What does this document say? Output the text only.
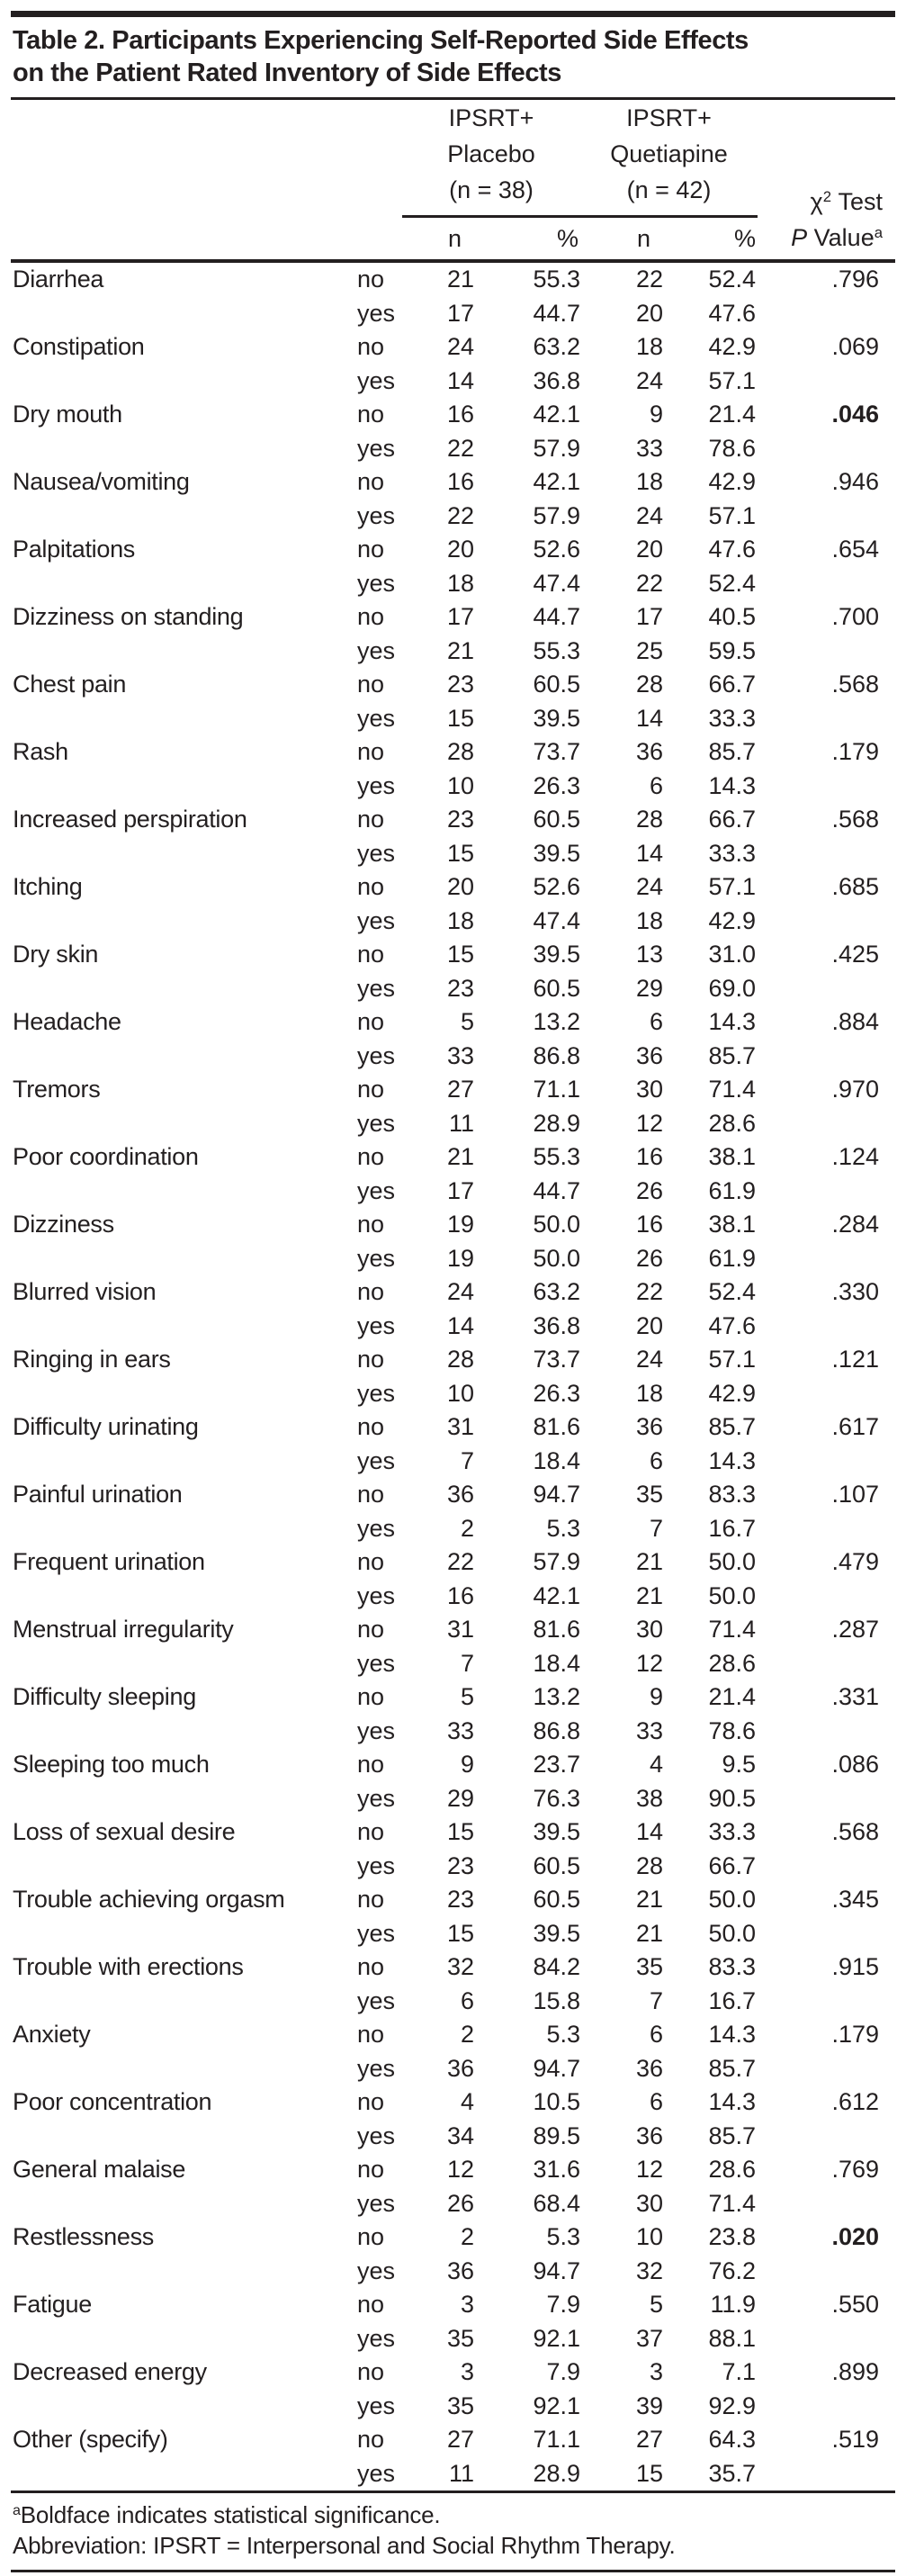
Table 2. Participants Experiencing Self-Reported Side Effects
on the Patient Rated Inventory of Side Effects

IPSRT+
Placebo
(n = 38)

IPSRT+
Quetiapine
(n = 42)	$\chi^2$ Test
P Value$^a$

		n	%	n	%	
Diarrhea	no	21	55.3	22	52.4	.796
	yes	17	44.7	20	47.6	
Constipation	no	24	63.2	18	42.9	.069
	yes	14	36.8	24	57.1	
Dry mouth	no	16	42.1	9	21.4	.046
	yes	22	57.9	33	78.6	
Nausea/vomiting	no	16	42.1	18	42.9	.946
	yes	22	57.9	24	57.1	
Palpitations	no	20	52.6	20	47.6	.654
	yes	18	47.4	22	52.4	
Dizziness on standing	no	17	44.7	17	40.5	.700
	yes	21	55.3	25	59.5	
Chest pain	no	23	60.5	28	66.7	.568
	yes	15	39.5	14	33.3	
Rash	no	28	73.7	36	85.7	.179
	yes	10	26.3	6	14.3	
Increased perspiration	no	23	60.5	28	66.7	.568
	yes	15	39.5	14	33.3	
Itching	no	20	52.6	24	57.1	.685
	yes	18	47.4	18	42.9	
Dry skin	no	15	39.5	13	31.0	.425
	yes	23	60.5	29	69.0	
Headache	no	5	13.2	6	14.3	.884
	yes	33	86.8	36	85.7	
Tremors	no	27	71.1	30	71.4	.970
	yes	11	28.9	12	28.6	
Poor coordination	no	21	55.3	16	38.1	.124
	yes	17	44.7	26	61.9	
Dizziness	no	19	50.0	16	38.1	.284
	yes	19	50.0	26	61.9	
Blurred vision	no	24	63.2	22	52.4	.330
	yes	14	36.8	20	47.6	
Ringing in ears	no	28	73.7	24	57.1	.121
	yes	10	26.3	18	42.9	
Difficulty urinating	no	31	81.6	36	85.7	.617
	yes	7	18.4	6	14.3	
Painful urination	no	36	94.7	35	83.3	.107
	yes	2	5.3	7	16.7	
Frequent urination	no	22	57.9	21	50.0	.479
	yes	16	42.1	21	50.0	
Menstrual irregularity	no	31	81.6	30	71.4	.287
	yes	7	18.4	12	28.6	
Difficulty sleeping	no	5	13.2	9	21.4	.331
	yes	33	86.8	33	78.6	
Sleeping too much	no	9	23.7	4	9.5	.086
	yes	29	76.3	38	90.5	
Loss of sexual desire	no	15	39.5	14	33.3	.568
	yes	23	60.5	28	66.7	
Trouble achieving orgasm	no	23	60.5	21	50.0	.345
	yes	15	39.5	21	50.0	
Trouble with erections	no	32	84.2	35	83.3	.915
	yes	6	15.8	7	16.7	
Anxiety	no	2	5.3	6	14.3	.179
	yes	36	94.7	36	85.7	
Poor concentration	no	4	10.5	6	14.3	.612
	yes	34	89.5	36	85.7	
General malaise	no	12	31.6	12	28.6	.769
	yes	26	68.4	30	71.4	
Restlessness	no	2	5.3	10	23.8	.020
	yes	36	94.7	32	76.2	
Fatigue	no	3	7.9	5	11.9	.550
	yes	35	92.1	37	88.1	
Decreased energy	no	3	7.9	3	7.1	.899
	yes	35	92.1	39	92.9	
Other (specify)	no	27	71.1	27	64.3	.519
	yes	11	28.9	15	35.7	
$^a$Boldface indicates statistical significance.
Abbreviation: IPSRT = Interpersonal and Social Rhythm Therapy.
